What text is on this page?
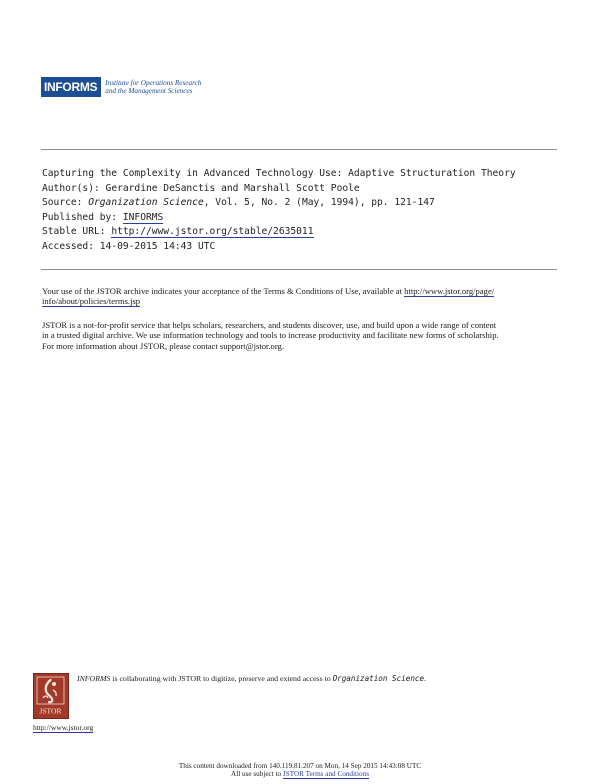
INFORMS	Institute for Operations Research
and the Management Sciences
Capturing the Complexity in Advanced Technology Use: Adaptive Structuration Theory
Author(s): Gerardine DeSanctis and Marshall Scott Poole
Source: Organization Science, Vol. 5, No. 2 (May, 1994), pp. 121-147
Published by: INFORMS
Stable URL: http://www.jstor.org/stable/2635011
Accessed: 14-09-2015 14:43 UTC
Your use of the JSTOR archive indicates your acceptance of the Terms & Conditions of Use, available at http://www.jstor.org/page/
info/about/policies/terms.jsp
JSTOR is a not-for-profit service that helps scholars, researchers, and students discover, use, and build upon a wide range of content
in a trusted digital archive. We use information technology and tools to increase productivity and facilitate new forms of scholarship.
For more information about JSTOR, please contact support@jstor.org.
JSTOR
http://www.jstor.org
INFORMS is collaborating with JSTOR to digitize, preserve and extend access to Organization Science.
This content downloaded from 140.119.81.207 on Mon, 14 Sep 2015 14:43:08 UTC
All use subject to JSTOR Terms and Conditions
